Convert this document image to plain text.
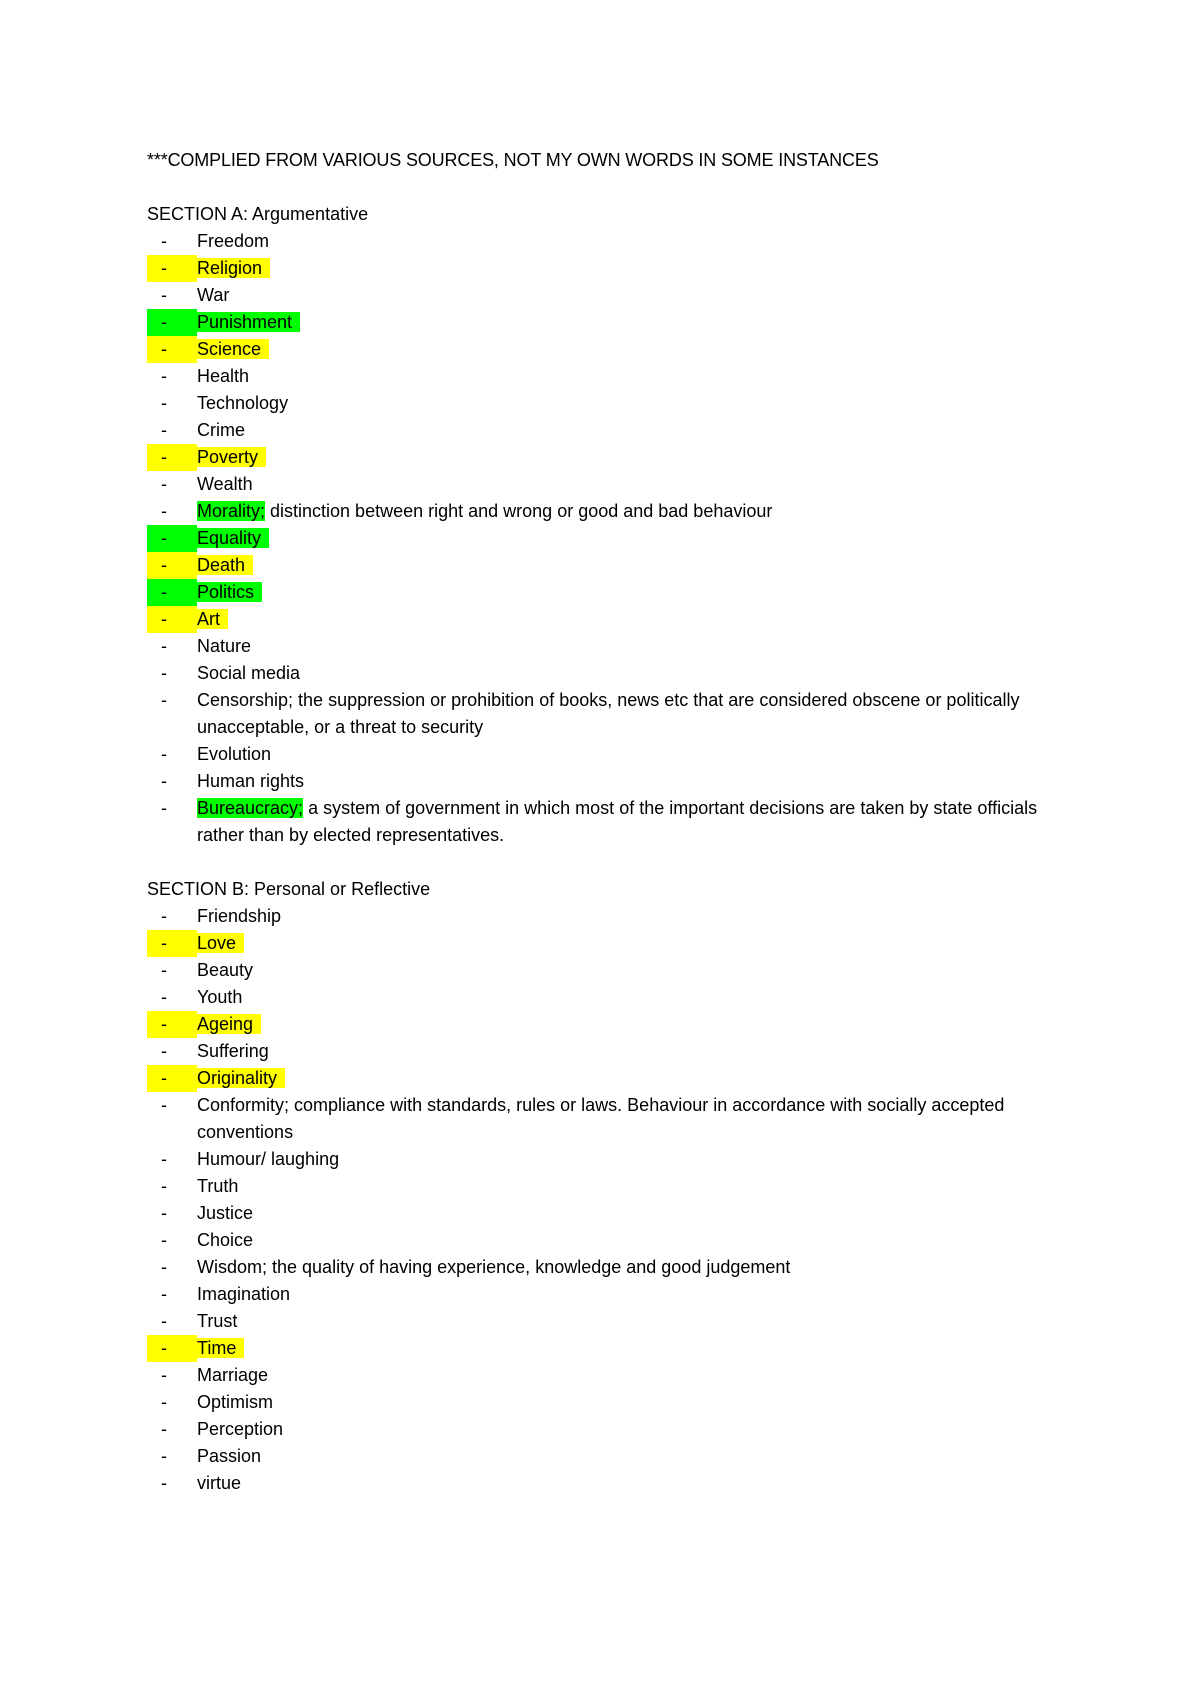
***COMPLIED FROM VARIOUS SOURCES, NOT MY OWN WORDS IN SOME INSTANCES
SECTION A: Argumentative
-	Freedom
-	Religion
-	War
-	Punishment
-	Science
-	Health
-	Technology
-	Crime
-	Poverty
-	Wealth
-	Morality; distinction between right and wrong or good and bad behaviour
-	Equality
-	Death
-	Politics
-	Art
-	Nature
-	Social media
-	Censorship; the suppression or prohibition of books, news etc that are considered obscene or politically unacceptable, or a threat to security
-	Evolution
-	Human rights
-	Bureaucracy; a system of government in which most of the important decisions are taken by state officials rather than by elected representatives.
SECTION B: Personal or Reflective
-	Friendship
-	Love
-	Beauty
-	Youth
-	Ageing
-	Suffering
-	Originality
-	Conformity; compliance with standards, rules or laws. Behaviour in accordance with socially accepted conventions
-	Humour/ laughing
-	Truth
-	Justice
-	Choice
-	Wisdom; the quality of having experience, knowledge and good judgement
-	Imagination
-	Trust
-	Time
-	Marriage
-	Optimism
-	Perception
-	Passion
-	virtue
